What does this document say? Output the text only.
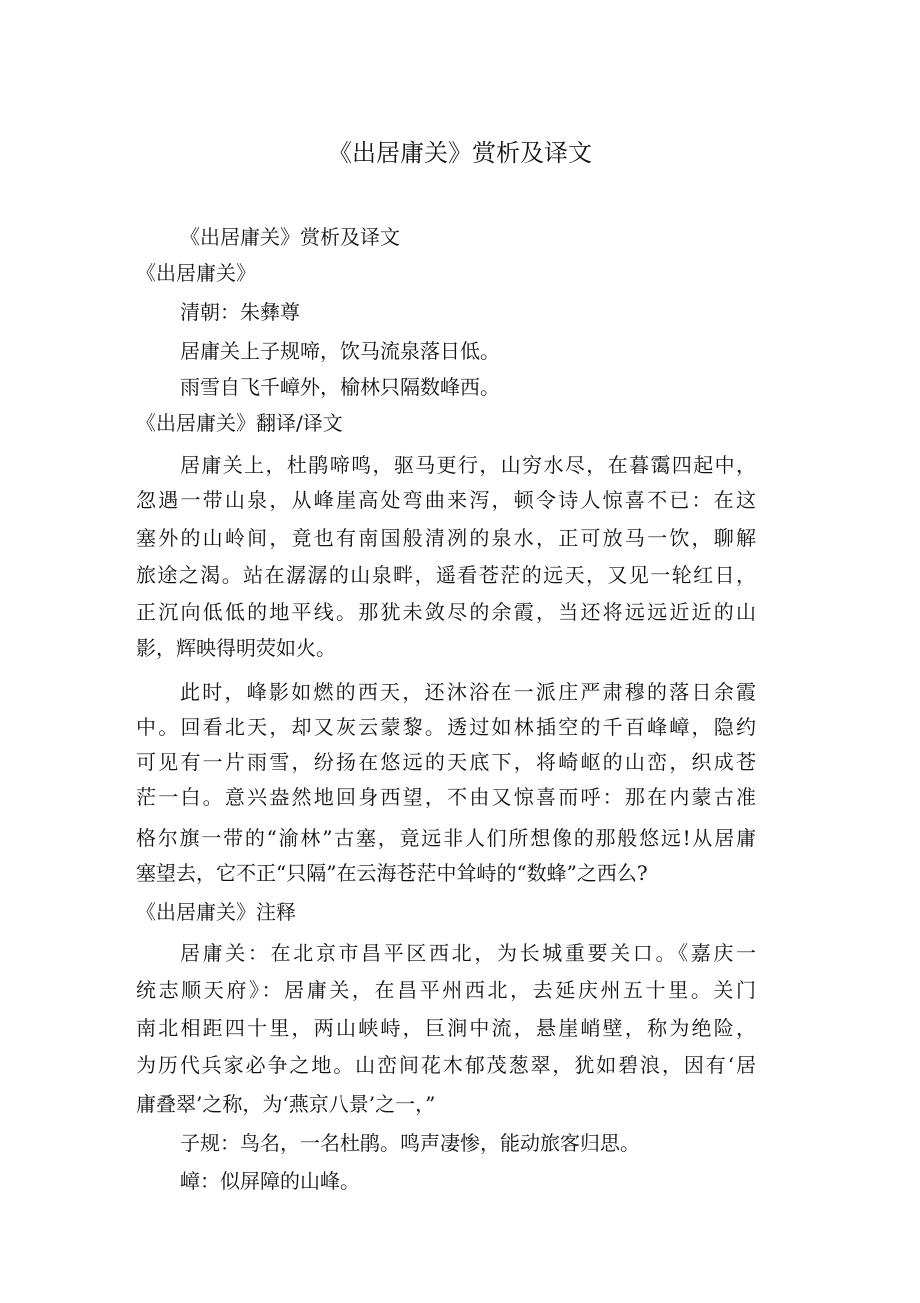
《出居庸关》赏析及译文

《出居庸关》赏析及译文

《出居庸关》

清朝：朱彝尊

居庸关上子规啼，饮马流泉落日低。

雨雪自飞千嶂外，榆林只隔数峰西。

《出居庸关》翻译/译文

居庸关上，杜鹃啼鸣，驱马更行，山穷水尽，在暮霭四起中，

忽遇一带山泉，从峰崖高处弯曲来泻，顿令诗人惊喜不已：在这

塞外的山岭间，竟也有南国般清冽的泉水，正可放马一饮，聊解

旅途之渴。站在潺潺的山泉畔，遥看苍茫的远天，又见一轮红日，

正沉向低低的地平线。那犹未敛尽的余霞，当还将远远近近的山

影，辉映得明荧如火。

此时，峰影如燃的西天，还沐浴在一派庄严肃穆的落日余霞

中。回看北天，却又灰云蒙黎。透过如林插空的千百峰嶂，隐约

可见有一片雨雪，纷扬在悠远的天底下，将崎岖的山峦，织成苍

茫一白。意兴盎然地回身西望，不由又惊喜而呼：那在内蒙古准

格尔旗一带的“渝林”古塞，竟远非人们所想像的那般悠远!从居庸

塞望去，它不正“只隔”在云海苍茫中耸峙的“数蜂”之西么?

《出居庸关》注释

居庸关：在北京市昌平区西北，为长城重要关口。《嘉庆一

统志顺天府》：居庸关，在昌平州西北，去延庆州五十里。关门

南北相距四十里，两山峡峙，巨涧中流，悬崖峭壁，称为绝险，

为历代兵家必争之地。山峦间花木郁茂葱翠，犹如碧浪，因有‘居

庸叠翠’之称，为‘燕京八景’之一，”

子规：鸟名，一名杜鹃。鸣声凄惨，能动旅客归思。

嶂：似屏障的山峰。
